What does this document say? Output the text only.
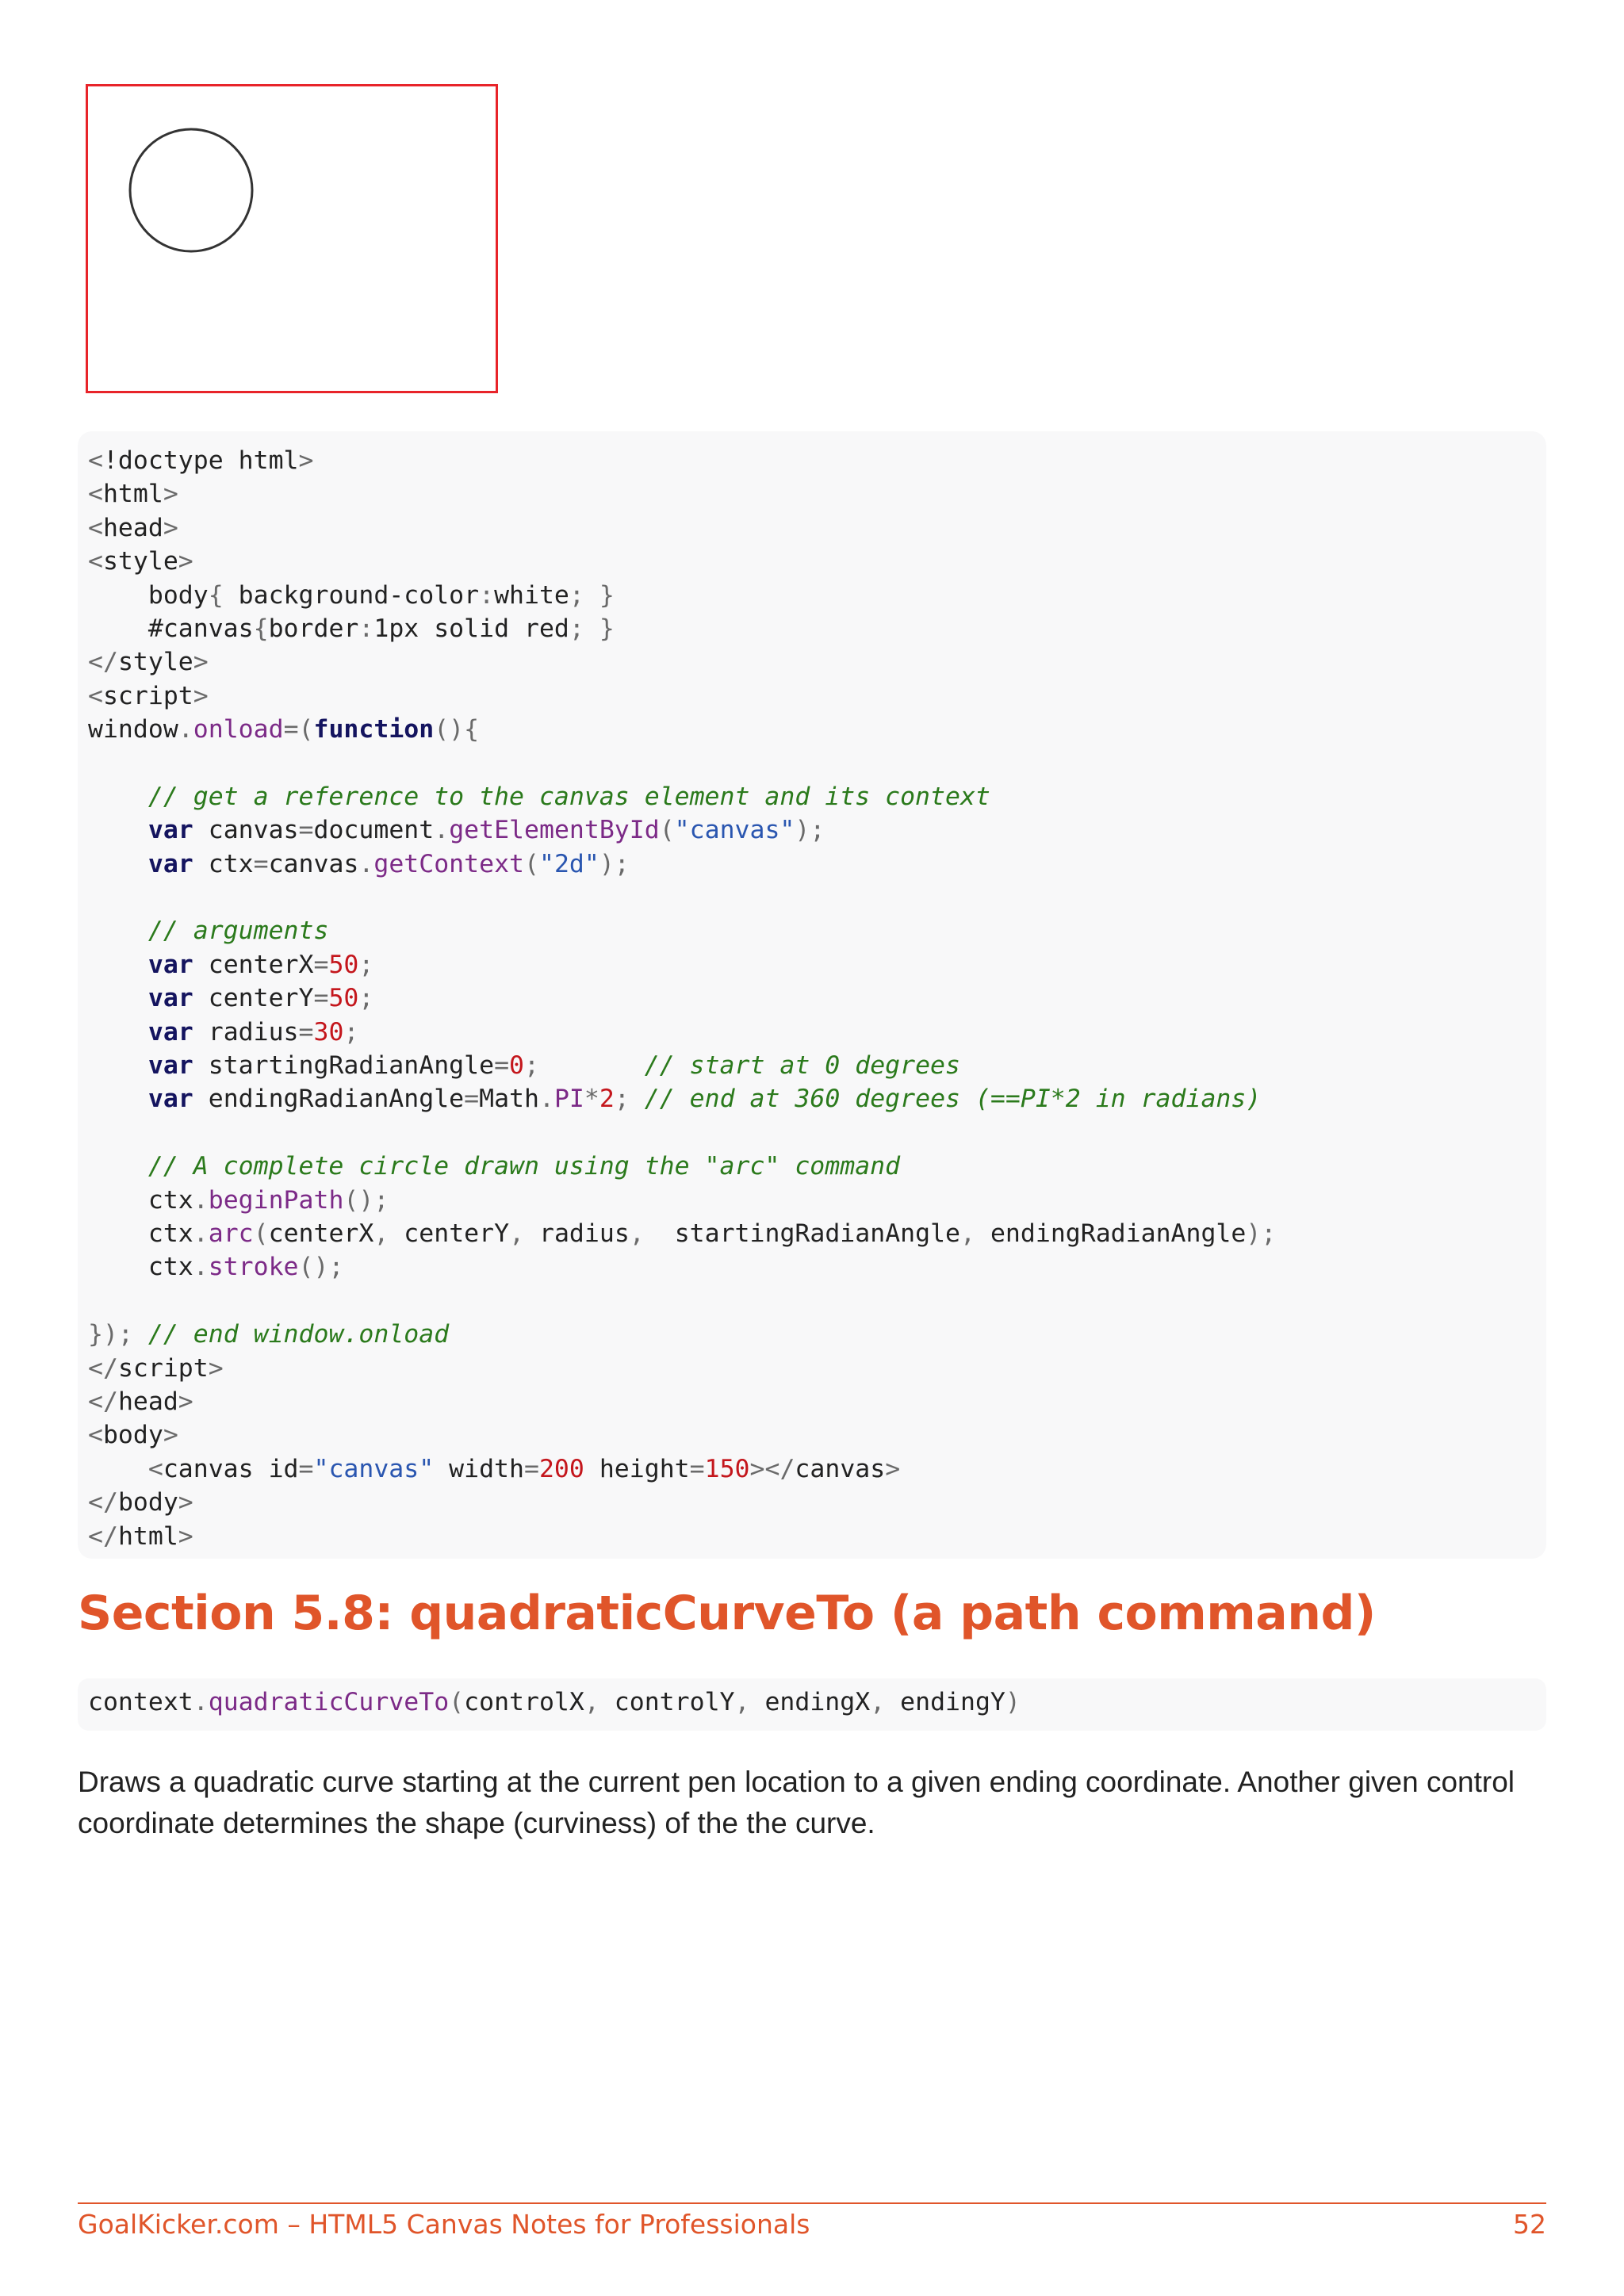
<!doctype html>
<html>
<head>
<style>
body{ background-color:white; }
#canvas{border:1px solid red; }
</style>
<script>
window.onload=(function(){
// get a reference to the canvas element and its context
var canvas=document.getElementById("canvas");
var ctx=canvas.getContext("2d");
// arguments
var centerX=50;
var centerY=50;
var radius=30;
var startingRadianAngle=0;	// start at 0 degrees
var endingRadianAngle=Math.PI*2; // end at 360 degrees (==PI*2 in radians)
// A complete circle drawn using the "arc" command
ctx.beginPath();
ctx.arc(centerX, centerY, radius,  startingRadianAngle, endingRadianAngle);
ctx.stroke();
}); // end window.onload
</script>
</head>
<body>
<canvas id="canvas" width=200 height=150></canvas>
</body>
</html>
Section 5.8: quadraticCurveTo (a path command)
context.quadraticCurveTo(controlX, controlY, endingX, endingY)
Draws a quadratic curve starting at the current pen location to a given ending coordinate. Another given control coordinate determines the shape (curviness) of the the curve.
GoalKicker.com – HTML5 Canvas Notes for Professionals	52
